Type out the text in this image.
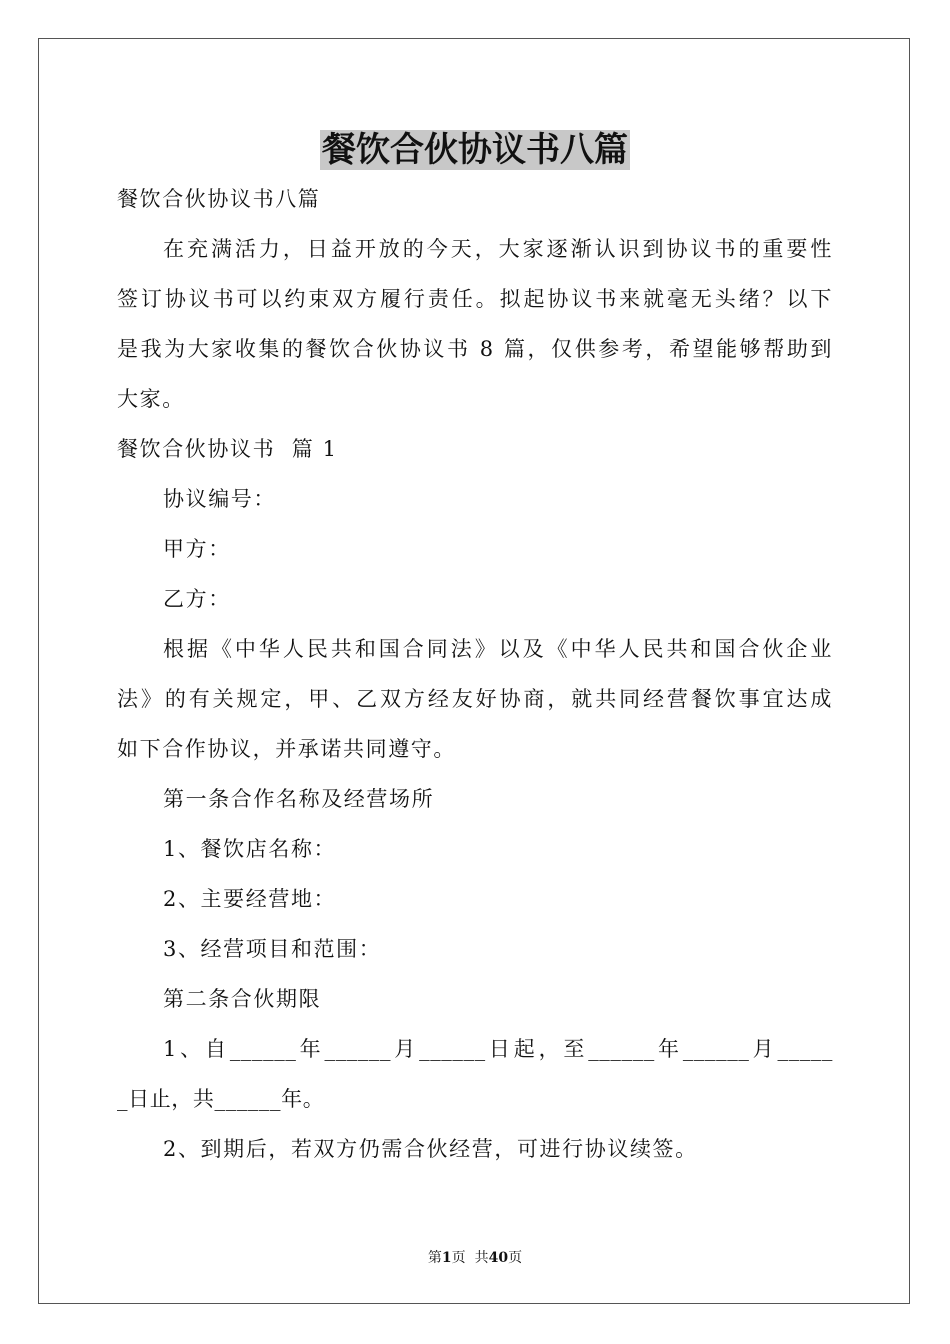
餐饮合伙协议书八篇

餐饮合伙协议书八篇

在充满活力，日益开放的今天，大家逐渐认识到协议书的重要性

签订协议书可以约束双方履行责任。拟起协议书来就毫无头绪？以下

是我为大家收集的餐饮合伙协议书 8 篇，仅供参考，希望能够帮助到

大家。

餐饮合伙协议书  篇 1

协议编号：

甲方：

乙方：

根据《中华人民共和国合同法》以及《中华人民共和国合伙企业

法》的有关规定，甲、乙双方经友好协商，就共同经营餐饮事宜达成

如下合作协议，并承诺共同遵守。

第一条合作名称及经营场所

1、餐饮店名称：

2、主要经营地：

3、经营项目和范围：

第二条合伙期限

1、自______年______月______日起，至______年______月_____

_日止，共______年。

2、到期后，若双方仍需合伙经营，可进行协议续签。

第1页  共40页
